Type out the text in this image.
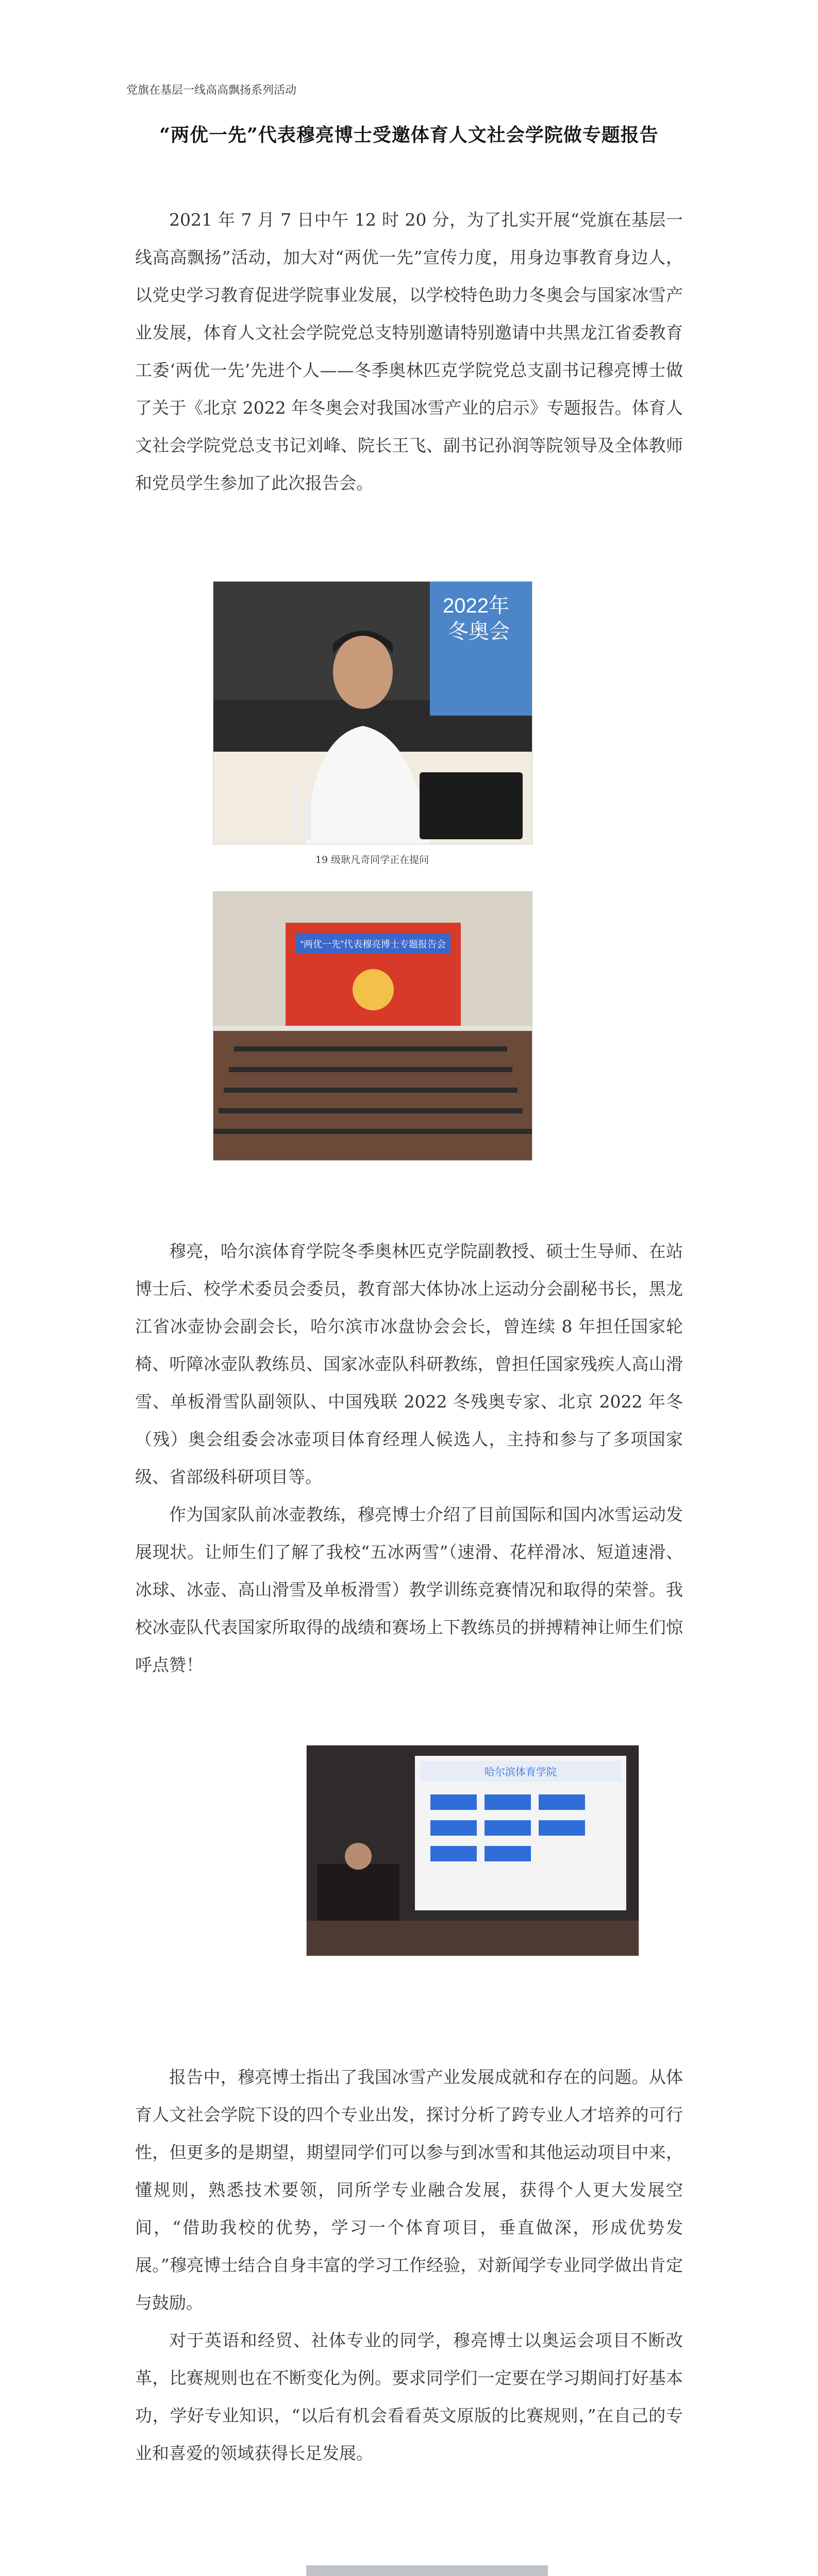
党旗在基层一线高高飘扬系列活动
“两优一先”代表穆亮博士受邀体育人文社会学院做专题报告

2021 年 7 月 7 日中午 12 时 20 分，为了扎实开展“党旗在基层一线高高飘扬”活动，加大对“两优一先”宣传力度，用身边事教育身边人，以党史学习教育促进学院事业发展，以学校特色助力冬奥会与国家冰雪产业发展，体育人文社会学院党总支特别邀请特别邀请中共黑龙江省委教育工委‘两优一先’先进个人——冬季奥林匹克学院党总支副书记穆亮博士做了关于《北京 2022 年冬奥会对我国冰雪产业的启示》专题报告。体育人文社会学院党总支书记刘峰、院长王飞、副书记孙润等院领导及全体教师和党员学生参加了此次报告会。

2022年
冬奥会
19 级耿凡奇同学正在提问
“两优一先”代表穆亮博士专题报告会

穆亮，哈尔滨体育学院冬季奥林匹克学院副教授、硕士生导师、在站博士后、校学术委员会委员，教育部大体协冰上运动分会副秘书长，黑龙江省冰壶协会副会长，哈尔滨市冰盘协会会长，曾连续 8 年担任国家轮椅、听障冰壶队教练员、国家冰壶队科研教练，曾担任国家残疾人高山滑雪、单板滑雪队副领队、中国残联 2022 冬残奥专家、北京 2022 年冬（残）奥会组委会冰壶项目体育经理人候选人，主持和参与了多项国家级、省部级科研项目等。

作为国家队前冰壶教练，穆亮博士介绍了目前国际和国内冰雪运动发展现状。让师生们了解了我校“五冰两雪”（速滑、花样滑冰、短道速滑、冰球、冰壶、高山滑雪及单板滑雪）教学训练竞赛情况和取得的荣誉。我校冰壶队代表国家所取得的战绩和赛场上下教练员的拼搏精神让师生们惊呼点赞！

哈尔滨体育学院

报告中，穆亮博士指出了我国冰雪产业发展成就和存在的问题。从体育人文社会学院下设的四个专业出发，探讨分析了跨专业人才培养的可行性，但更多的是期望，期望同学们可以参与到冰雪和其他运动项目中来，懂规则，熟悉技术要领，同所学专业融合发展，获得个人更大发展空间，“借助我校的优势，学习一个体育项目，垂直做深，形成优势发展。”穆亮博士结合自身丰富的学习工作经验，对新闻学专业同学做出肯定与鼓励。

对于英语和经贸、社体专业的同学，穆亮博士以奥运会项目不断改革，比赛规则也在不断变化为例。要求同学们一定要在学习期间打好基本功，学好专业知识，“以后有机会看看英文原版的比赛规则，”在自己的专业和喜爱的领域获得长足发展。
